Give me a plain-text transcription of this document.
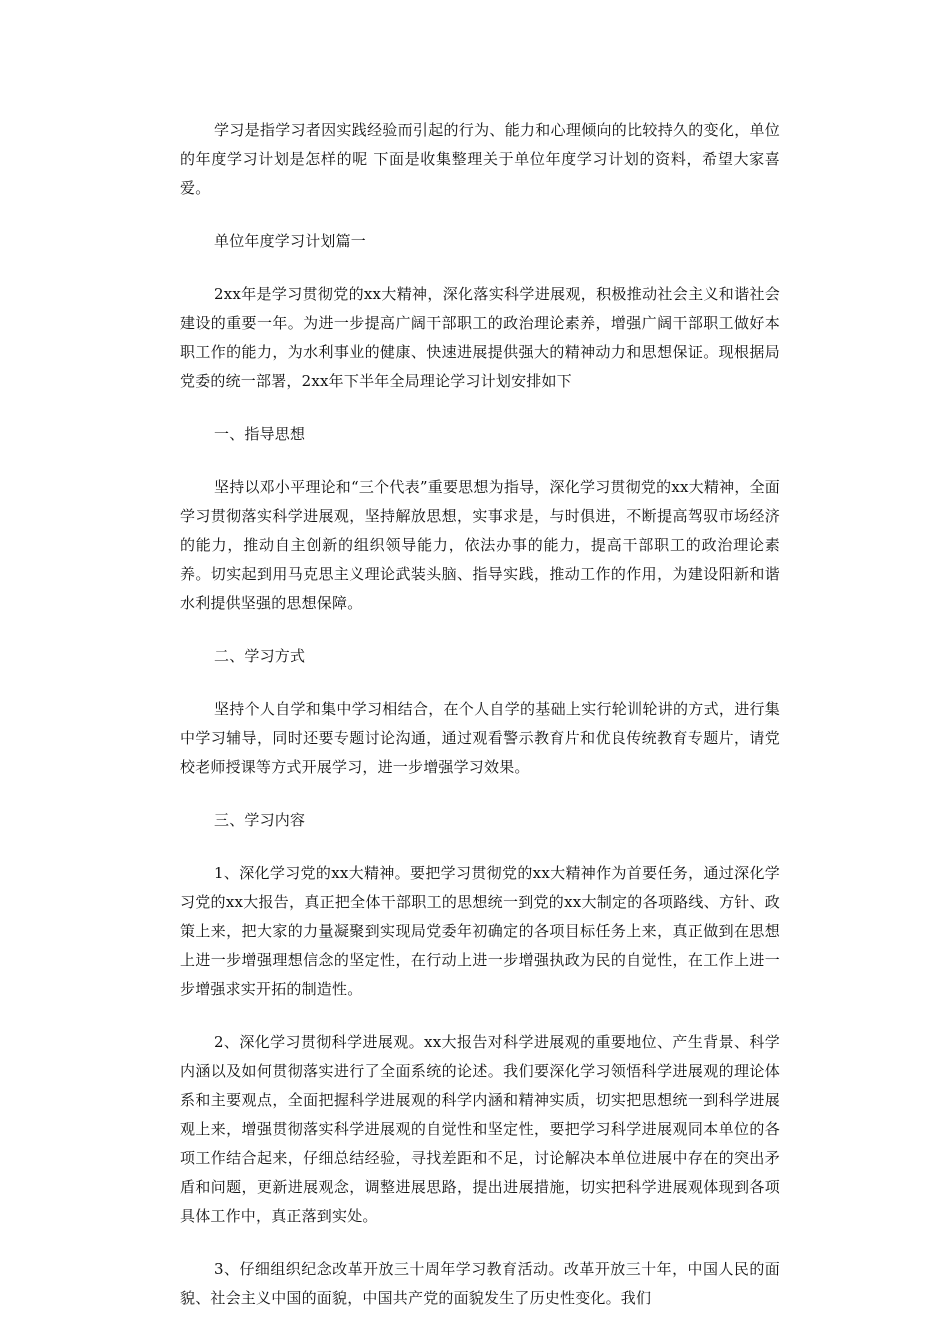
学习是指学习者因实践经验而引起的行为、能力和心理倾向的比较持久的变化，单位的年度学习计划是怎样的呢 下面是收集整理关于单位年度学习计划的资料，希望大家喜爱。

单位年度学习计划篇一

2xx年是学习贯彻党的xx大精神，深化落实科学进展观，积极推动社会主义和谐社会建设的重要一年。为进一步提高广阔干部职工的政治理论素养，增强广阔干部职工做好本职工作的能力，为水利事业的健康、快速进展提供强大的精神动力和思想保证。现根据局党委的统一部署，2xx年下半年全局理论学习计划安排如下

一、指导思想

坚持以邓小平理论和“三个代表”重要思想为指导，深化学习贯彻党的xx大精神，全面学习贯彻落实科学进展观，坚持解放思想，实事求是，与时俱进，不断提高驾驭市场经济的能力，推动自主创新的组织领导能力，依法办事的能力，提高干部职工的政治理论素养。切实起到用马克思主义理论武装头脑、指导实践，推动工作的作用，为建设阳新和谐水利提供坚强的思想保障。

二、学习方式

坚持个人自学和集中学习相结合，在个人自学的基础上实行轮训轮讲的方式，进行集中学习辅导，同时还要专题讨论沟通，通过观看警示教育片和优良传统教育专题片，请党校老师授课等方式开展学习，进一步增强学习效果。

三、学习内容

1、深化学习党的xx大精神。要把学习贯彻党的xx大精神作为首要任务，通过深化学习党的xx大报告，真正把全体干部职工的思想统一到党的xx大制定的各项路线、方针、政策上来，把大家的力量凝聚到实现局党委年初确定的各项目标任务上来，真正做到在思想上进一步增强理想信念的坚定性，在行动上进一步增强执政为民的自觉性，在工作上进一步增强求实开拓的制造性。

2、深化学习贯彻科学进展观。xx大报告对科学进展观的重要地位、产生背景、科学内涵以及如何贯彻落实进行了全面系统的论述。我们要深化学习领悟科学进展观的理论体系和主要观点，全面把握科学进展观的科学内涵和精神实质，切实把思想统一到科学进展观上来，增强贯彻落实科学进展观的自觉性和坚定性，要把学习科学进展观同本单位的各项工作结合起来，仔细总结经验，寻找差距和不足，讨论解决本单位进展中存在的突出矛盾和问题，更新进展观念，调整进展思路，提出进展措施，切实把科学进展观体现到各项具体工作中，真正落到实处。

3、仔细组织纪念改革开放三十周年学习教育活动。改革开放三十年，中国人民的面貌、社会主义中国的面貌，中国共产党的面貌发生了历史性变化。我们
